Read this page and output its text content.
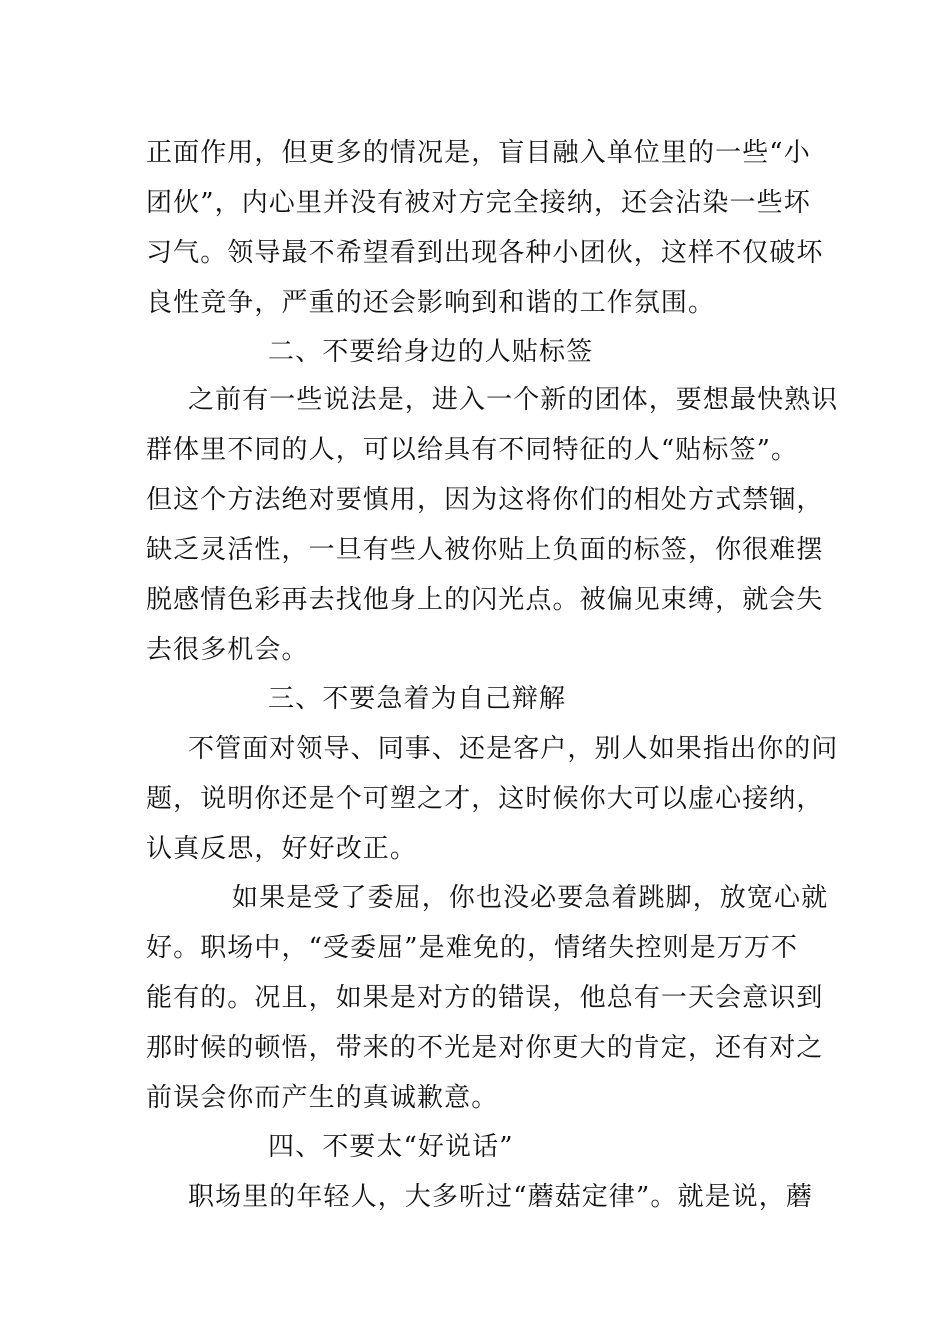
正面作用，但更多的情况是，盲目融入单位里的一些“小
团伙”，内心里并没有被对方完全接纳，还会沾染一些坏
习气。领导最不希望看到出现各种小团伙，这样不仅破坏
良性竞争，严重的还会影响到和谐的工作氛围。
二、不要给身边的人贴标签
之前有一些说法是，进入一个新的团体，要想最快熟识
群体里不同的人，可以给具有不同特征的人“贴标签”。
但这个方法绝对要慎用，因为这将你们的相处方式禁锢，
缺乏灵活性，一旦有些人被你贴上负面的标签，你很难摆
脱感情色彩再去找他身上的闪光点。被偏见束缚，就会失
去很多机会。
三、不要急着为自己辩解
不管面对领导、同事、还是客户，别人如果指出你的问
题，说明你还是个可塑之才，这时候你大可以虚心接纳，
认真反思，好好改正。
如果是受了委屈，你也没必要急着跳脚，放宽心就
好。职场中，“受委屈”是难免的，情绪失控则是万万不
能有的。况且，如果是对方的错误，他总有一天会意识到
那时候的顿悟，带来的不光是对你更大的肯定，还有对之
前误会你而产生的真诚歉意。
四、不要太“好说话”
职场里的年轻人，大多听过“蘑菇定律”。就是说，蘑
